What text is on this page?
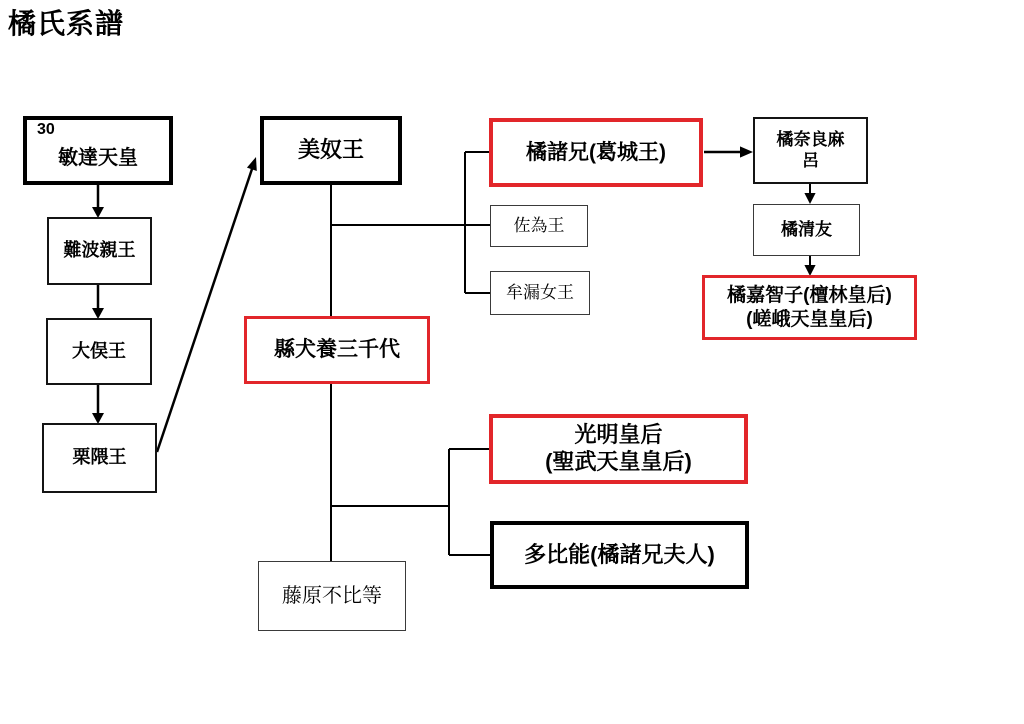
橘氏系譜
30
敏達天皇
難波親王
大俣王
栗隈王
美奴王
縣犬養三千代
橘諸兄(葛城王)
佐為王
牟漏女王
橘奈良麻
呂
橘清友
橘嘉智子(檀林皇后)
(嵯峨天皇皇后)
光明皇后
(聖武天皇皇后)
多比能(橘諸兄夫人)
藤原不比等
